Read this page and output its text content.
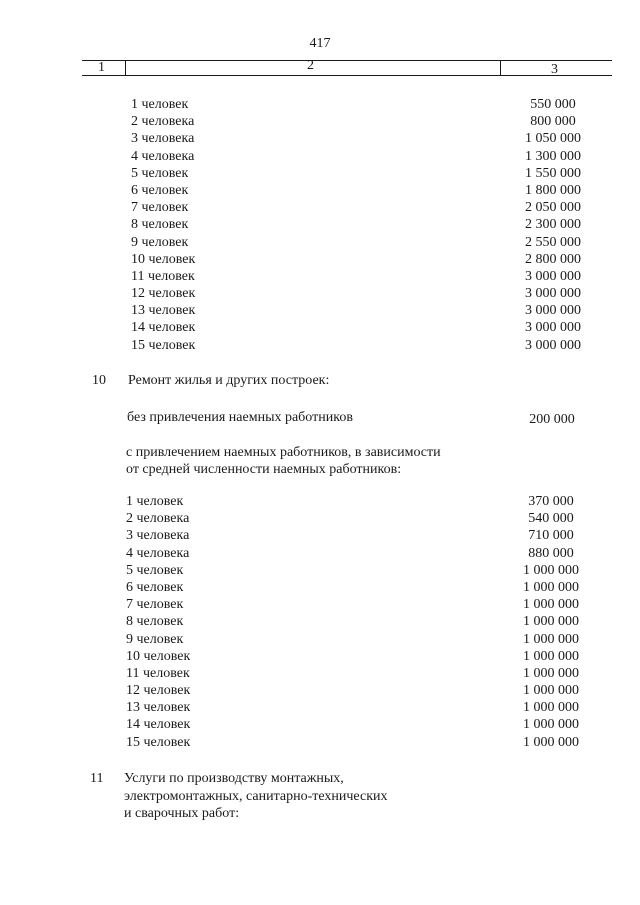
417
1	2	3
1 человек	550 000
2 человека	800 000
3 человека	1 050 000
4 человека	1 300 000
5 человек	1 550 000
6 человек	1 800 000
7 человек	2 050 000
8 человек	2 300 000
9 человек	2 550 000
10 человек	2 800 000
11 человек	3 000 000
12 человек	3 000 000
13 человек	3 000 000
14 человек	3 000 000
15 человек	3 000 000
10 Ремонт жилья и других построек:
без привлечения наемных работников	200 000
с привлечением наемных работников, в зависимости
от средней численности наемных работников:
1 человек	370 000
2 человека	540 000
3 человека	710 000
4 человека	880 000
5 человек	1 000 000
6 человек	1 000 000
7 человек	1 000 000
8 человек	1 000 000
9 человек	1 000 000
10 человек	1 000 000
11 человек	1 000 000
12 человек	1 000 000
13 человек	1 000 000
14 человек	1 000 000
15 человек	1 000 000
11 Услуги по производству монтажных,
электромонтажных, санитарно-технических
и сварочных работ:
